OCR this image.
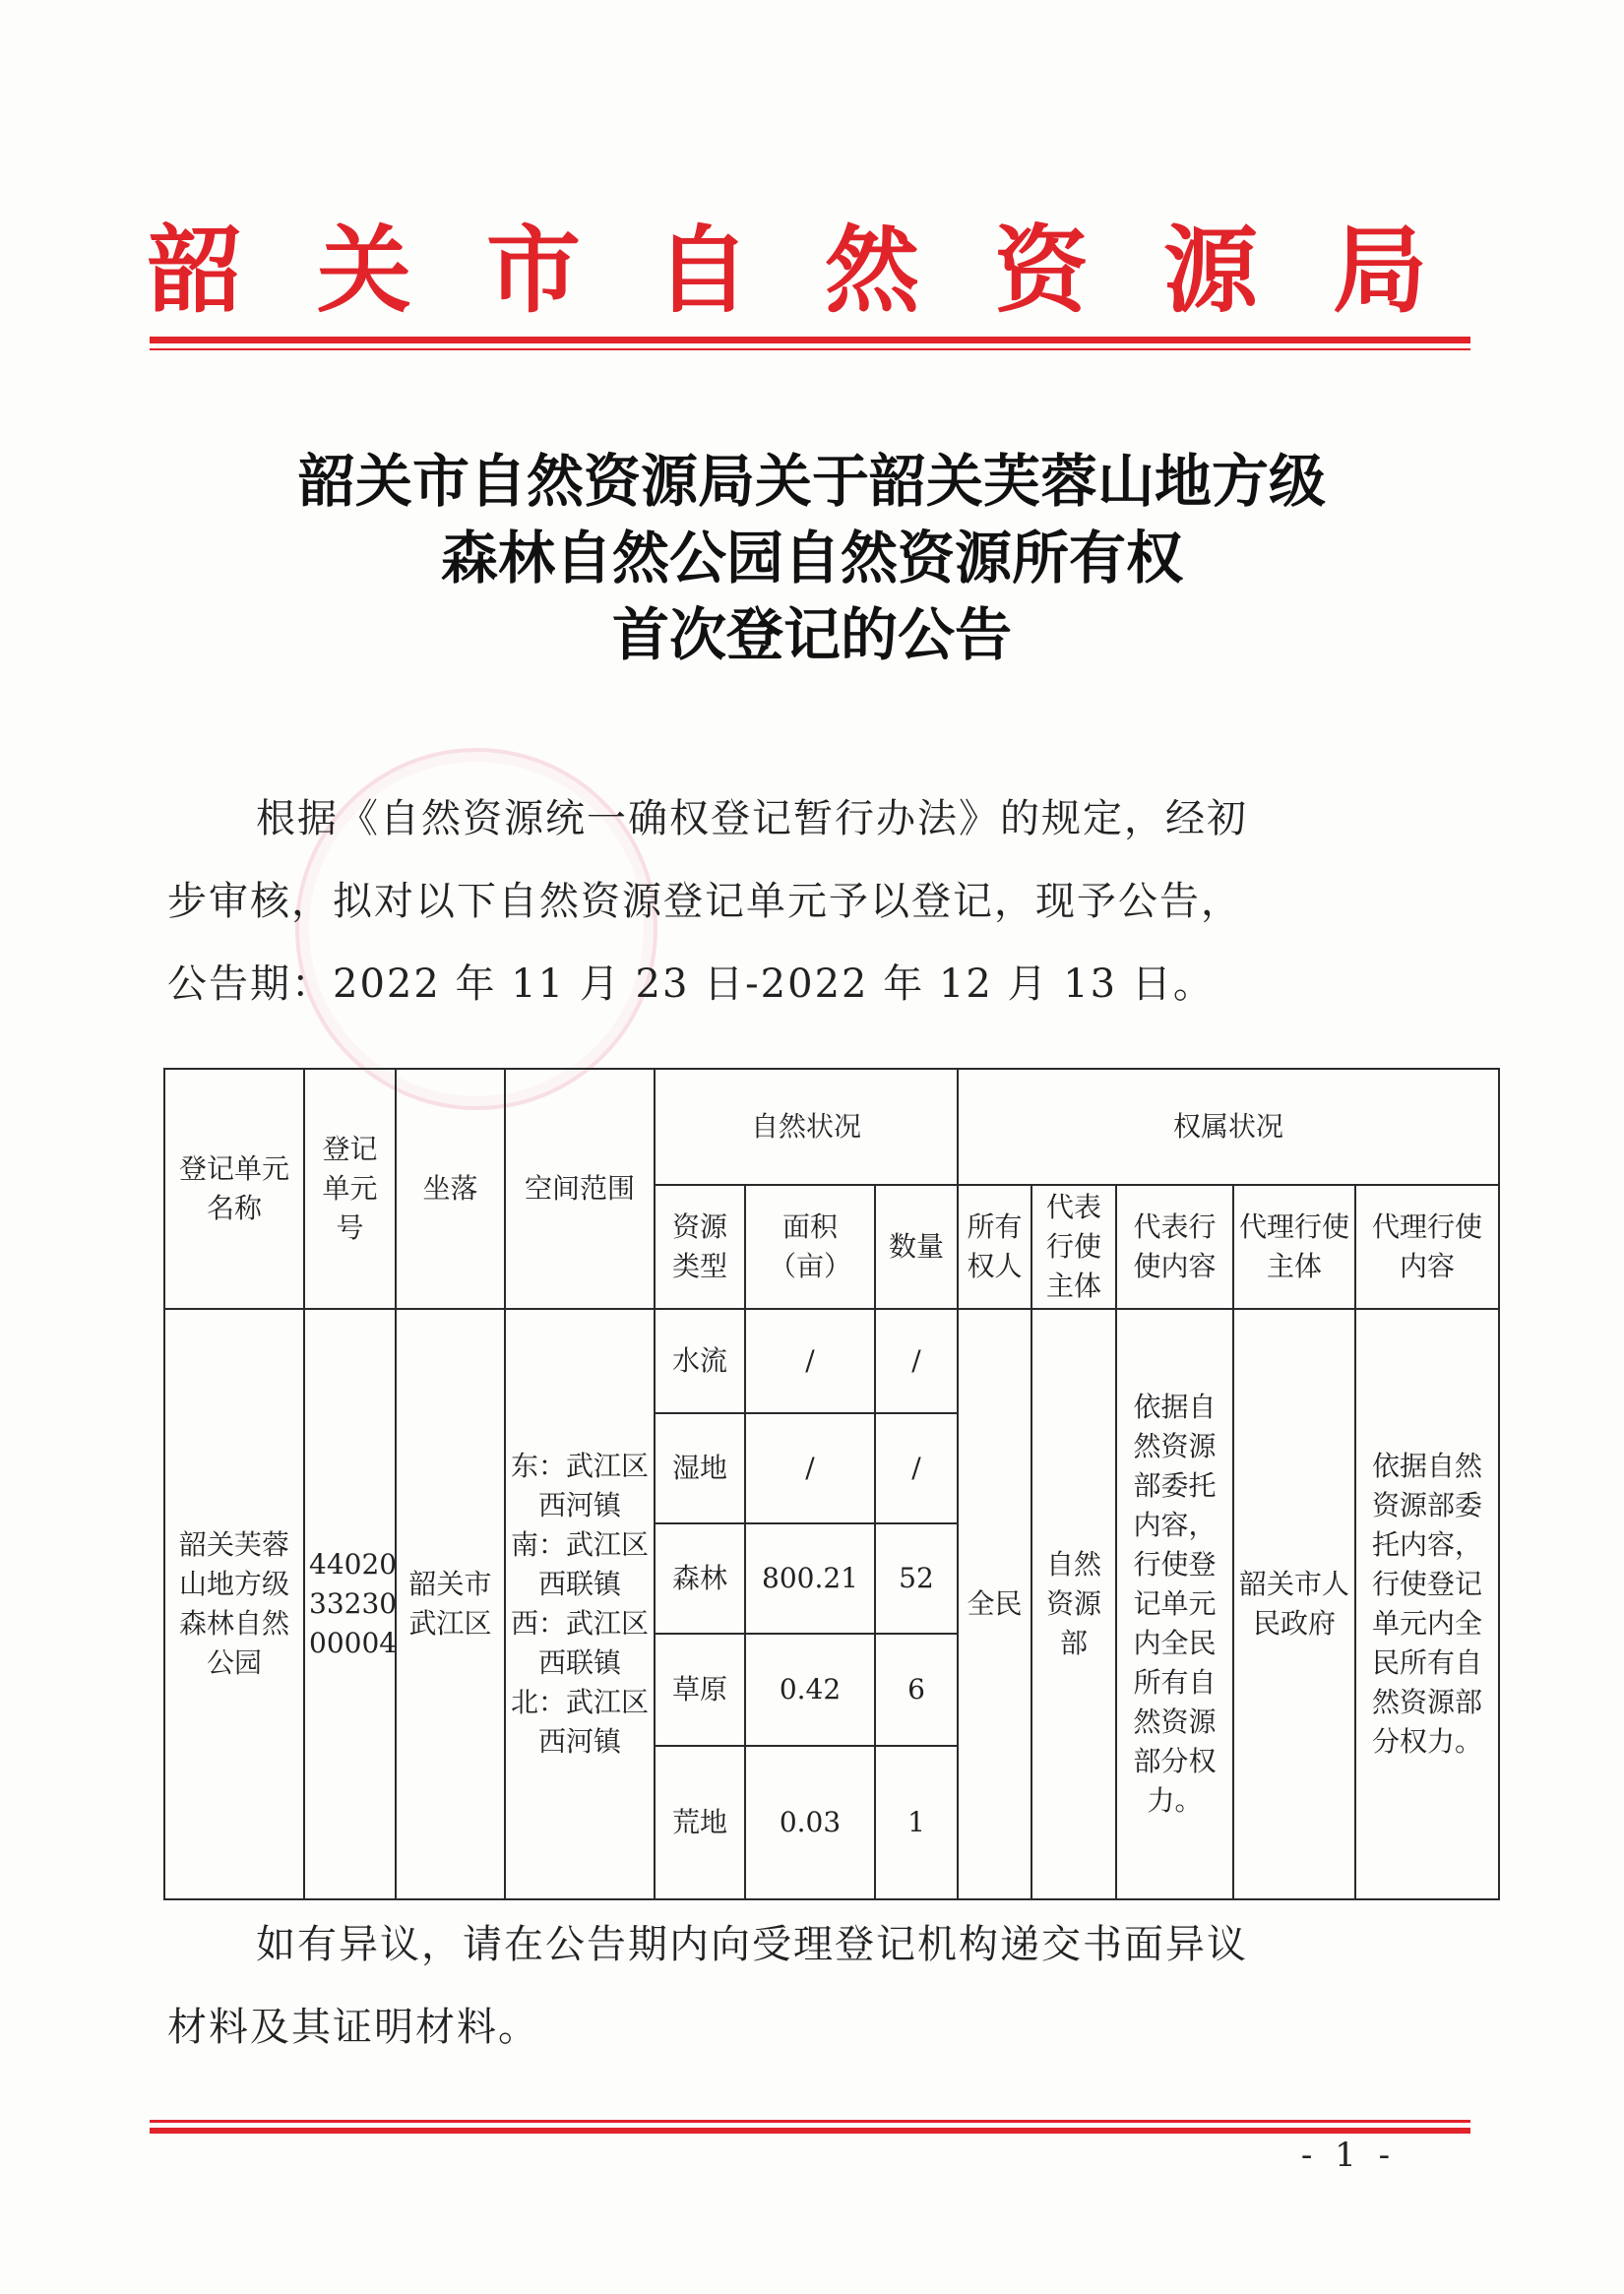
韶 关 市 自 然 资 源 局
韶关市自然资源局关于韶关芙蓉山地方级
森林自然公园自然资源所有权
首次登记的公告
根据《自然资源统一确权登记暂行办法》的规定，经初
步审核，拟对以下自然资源登记单元予以登记，现予公告，
公告期：2022 年 11 月 23 日-2022 年 12 月 13 日。
登记单元名称	登记单元号	坐落	空间范围	自然状况			权属状况				
				资源类型	面积（亩）	数量	所有权人	代表行使主体	代表行使内容	代理行使主体	代理行使内容
韶关芙蓉山地方级森林自然公园	44020 33230 00004	韶关市武江区	东：武江区西河镇 南：武江区西联镇 西：武江区西联镇 北：武江区西河镇	水流	/	/	全民	自然资源部	依据自然资源部委托内容，行使登记单元内全民所有自然资源部分权力。	韶关市人民政府	依据自然资源部委托内容，行使登记单元内全民所有自然资源部分权力。
				湿地	/	/					
				森林	800.21	52					
				草原	0.42	6					
				荒地	0.03	1					
如有异议，请在公告期内向受理登记机构递交书面异议
材料及其证明材料。
- 1 -
